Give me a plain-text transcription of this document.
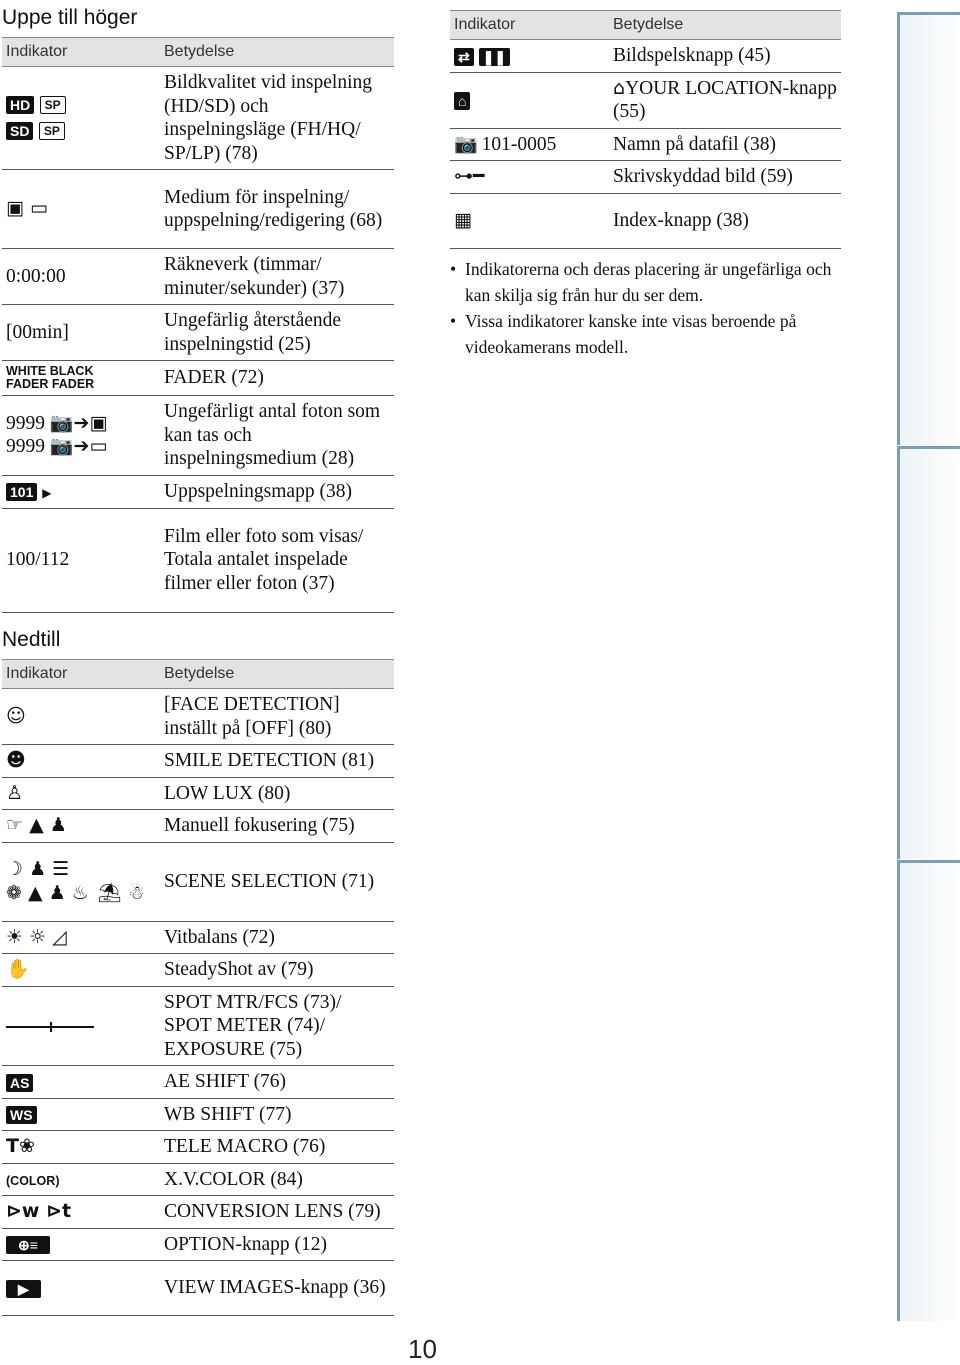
Uppe till höger
Indikator	Betydelse

HD SP
SD SP	Bildkvalitet vid inspelning (HD/SD) och inspelningsläge (FH/HQ/ SP/LP) (78)
▣ ▭	Medium för inspelning/ uppspelning/redigering (68)
0:00:00	Räkneverk (timmar/ minuter/sekunder) (37)
[00min]	Ungefärlig återstående inspelningstid (25)

WHITE BLACK
FADER FADER	FADER (72)

9999 📷➔▣
9999 📷➔▭	Ungefärligt antal foton som kan tas och inspelningsmedium (28)
101 ▶	Uppspelningsmapp (38)
100/112	Film eller foto som visas/ Totala antalet inspelade filmer eller foton (37)
Indikator	Betydelse
⇄ ❚❚	Bildspelsknapp (45)
⌂	⌂YOUR LOCATION-knapp (55)
📷 101-0005	Namn på datafil (38)
⊶━	Skrivskyddad bild (59)
▦	Index-knapp (38)
• Indikatorerna och deras placering är ungefärliga och kan skilja sig från hur du ser dem.
• Vissa indikatorer kanske inte visas beroende på videokamerans modell.
Nedtill
Indikator	Betydelse
☺	[FACE DETECTION] inställt på [OFF] (80)
☻	SMILE DETECTION (81)
♙	LOW LUX (80)
☞ ▲ ♟	Manuell fokusering (75)
☽ ♟ ☰ ❁ ▲ ♟ ♨ ⛱ ☃	SCENE SELECTION (71)
☀ ☼ ◿	Vitbalans (72)
✋	SteadyShot av (79)
	SPOT MTR/FCS (73)/ SPOT METER (74)/ EXPOSURE (75)
AS	AE SHIFT (76)
WS	WB SHIFT (77)
T❀	TELE MACRO (76)
(COLOR)	X.V.COLOR (84)
⊳w ⊳t	CONVERSION LENS (79)
⊕≡	OPTION-knapp (12)
▶	VIEW IMAGES-knapp (36)
10
